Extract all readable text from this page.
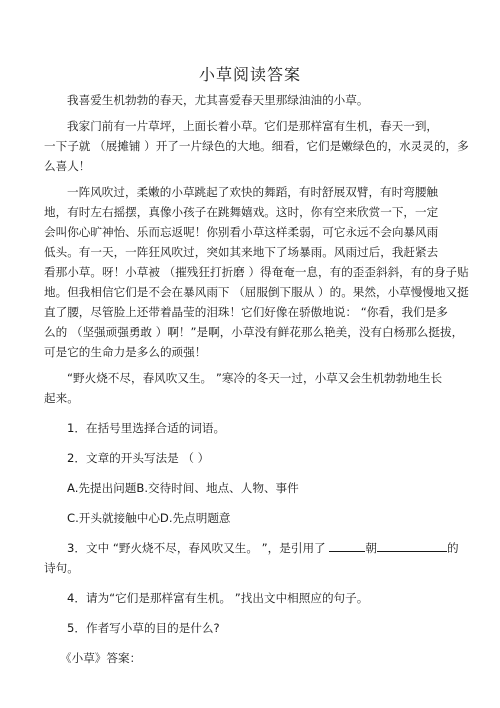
小草阅读答案

我喜爱生机勃勃的春天，尤其喜爱春天里那绿油油的小草。

我家门前有一片草坪，上面长着小草。它们是那样富有生机，春天一到，

一下子就 （展摊铺 ）开了一片绿色的大地。细看，它们是嫩绿色的，水灵灵的，多

么喜人！

一阵风吹过，柔嫩的小草跳起了欢快的舞蹈，有时舒展双臂，有时弯腰触

地，有时左右摇摆，真像小孩子在跳舞嬉戏。这时，你有空来欣赏一下，一定

会叫你心旷神怡、乐而忘返呢！你别看小草这样柔弱，可它永远不会向暴风雨

低头。有一天，一阵狂风吹过，突如其来地下了场暴雨。风雨过后，我赶紧去

看那小草。呀！小草被 （摧残狂打折磨 ）得奄奄一息，有的歪歪斜斜，有的身子贴

地。但我相信它们是不会在暴风雨下 （屈服倒下服从 ）的。果然，小草慢慢地又挺

直了腰，尽管脸上还带着晶莹的泪珠！它们好像在骄傲地说： “你看，我们是多

么的 （坚强顽强勇敢 ）啊！”是啊，小草没有鲜花那么艳美，没有白杨那么挺拔，

可是它的生命力是多么的顽强！

“野火烧不尽，春风吹又生。 ”寒冷的冬天一过，小草又会生机勃勃地生长

起来。

1．在括号里选择合适的词语。

2．文章的开头写法是 （ ）

A.先提出问题B.交待时间、地点、人物、事件

C.开头就接触中心D.先点明题意

3．文中 “野火烧不尽，春风吹又生。 ”，是引用了	朝	的

诗句。

4．请为“它们是那样富有生机。 ”找出文中相照应的句子。

5．作者写小草的目的是什么?

《小草》答案：
